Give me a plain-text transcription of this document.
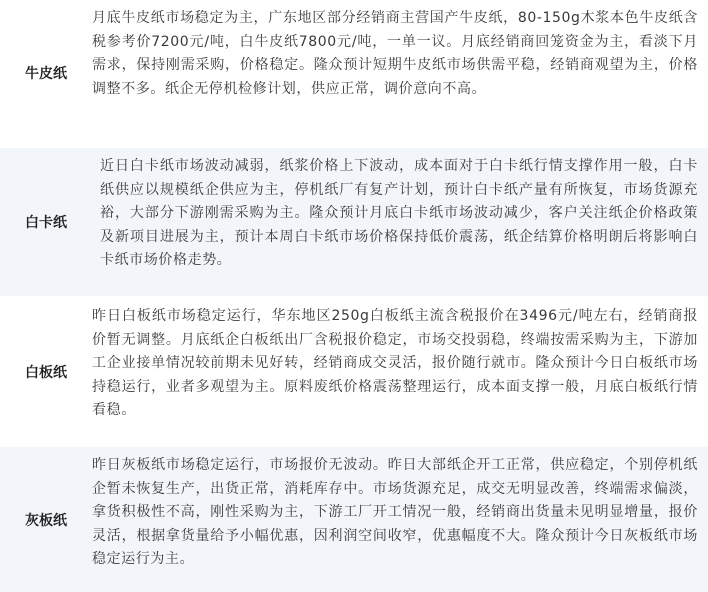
牛皮纸
月底牛皮纸市场稳定为主，广东地区部分经销商主营国产牛皮纸，80-150g木浆本色牛皮纸含税参考价7200元/吨，白牛皮纸7800元/吨，一单一议。月底经销商回笼资金为主，看淡下月需求，保持刚需采购，价格稳定。隆众预计短期牛皮纸市场供需平稳，经销商观望为主，价格调整不多。纸企无停机检修计划，供应正常，调价意向不高。
白卡纸
近日白卡纸市场波动减弱，纸浆价格上下波动，成本面对于白卡纸行情支撑作用一般，白卡纸供应以规模纸企供应为主，停机纸厂有复产计划，预计白卡纸产量有所恢复，市场货源充裕，大部分下游刚需采购为主。隆众预计月底白卡纸市场波动减少，客户关注纸企价格政策及新项目进展为主，预计本周白卡纸市场价格保持低价震荡，纸企结算价格明朗后将影响白卡纸市场价格走势。
白板纸
昨日白板纸市场稳定运行，华东地区250g白板纸主流含税报价在3496元/吨左右，经销商报价暂无调整。月底纸企白板纸出厂含税报价稳定，市场交投弱稳，终端按需采购为主，下游加工企业接单情况较前期未见好转，经销商成交灵活，报价随行就市。隆众预计今日白板纸市场持稳运行，业者多观望为主。原料废纸价格震荡整理运行，成本面支撑一般，月底白板纸行情看稳。
灰板纸
昨日灰板纸市场稳定运行，市场报价无波动。昨日大部纸企开工正常，供应稳定，个别停机纸企暂未恢复生产，出货正常，消耗库存中。市场货源充足，成交无明显改善，终端需求偏淡，拿货积极性不高，刚性采购为主，下游工厂开工情况一般，经销商出货量未见明显增量，报价灵活，根据拿货量给予小幅优惠，因利润空间收窄，优惠幅度不大。隆众预计今日灰板纸市场稳定运行为主。
